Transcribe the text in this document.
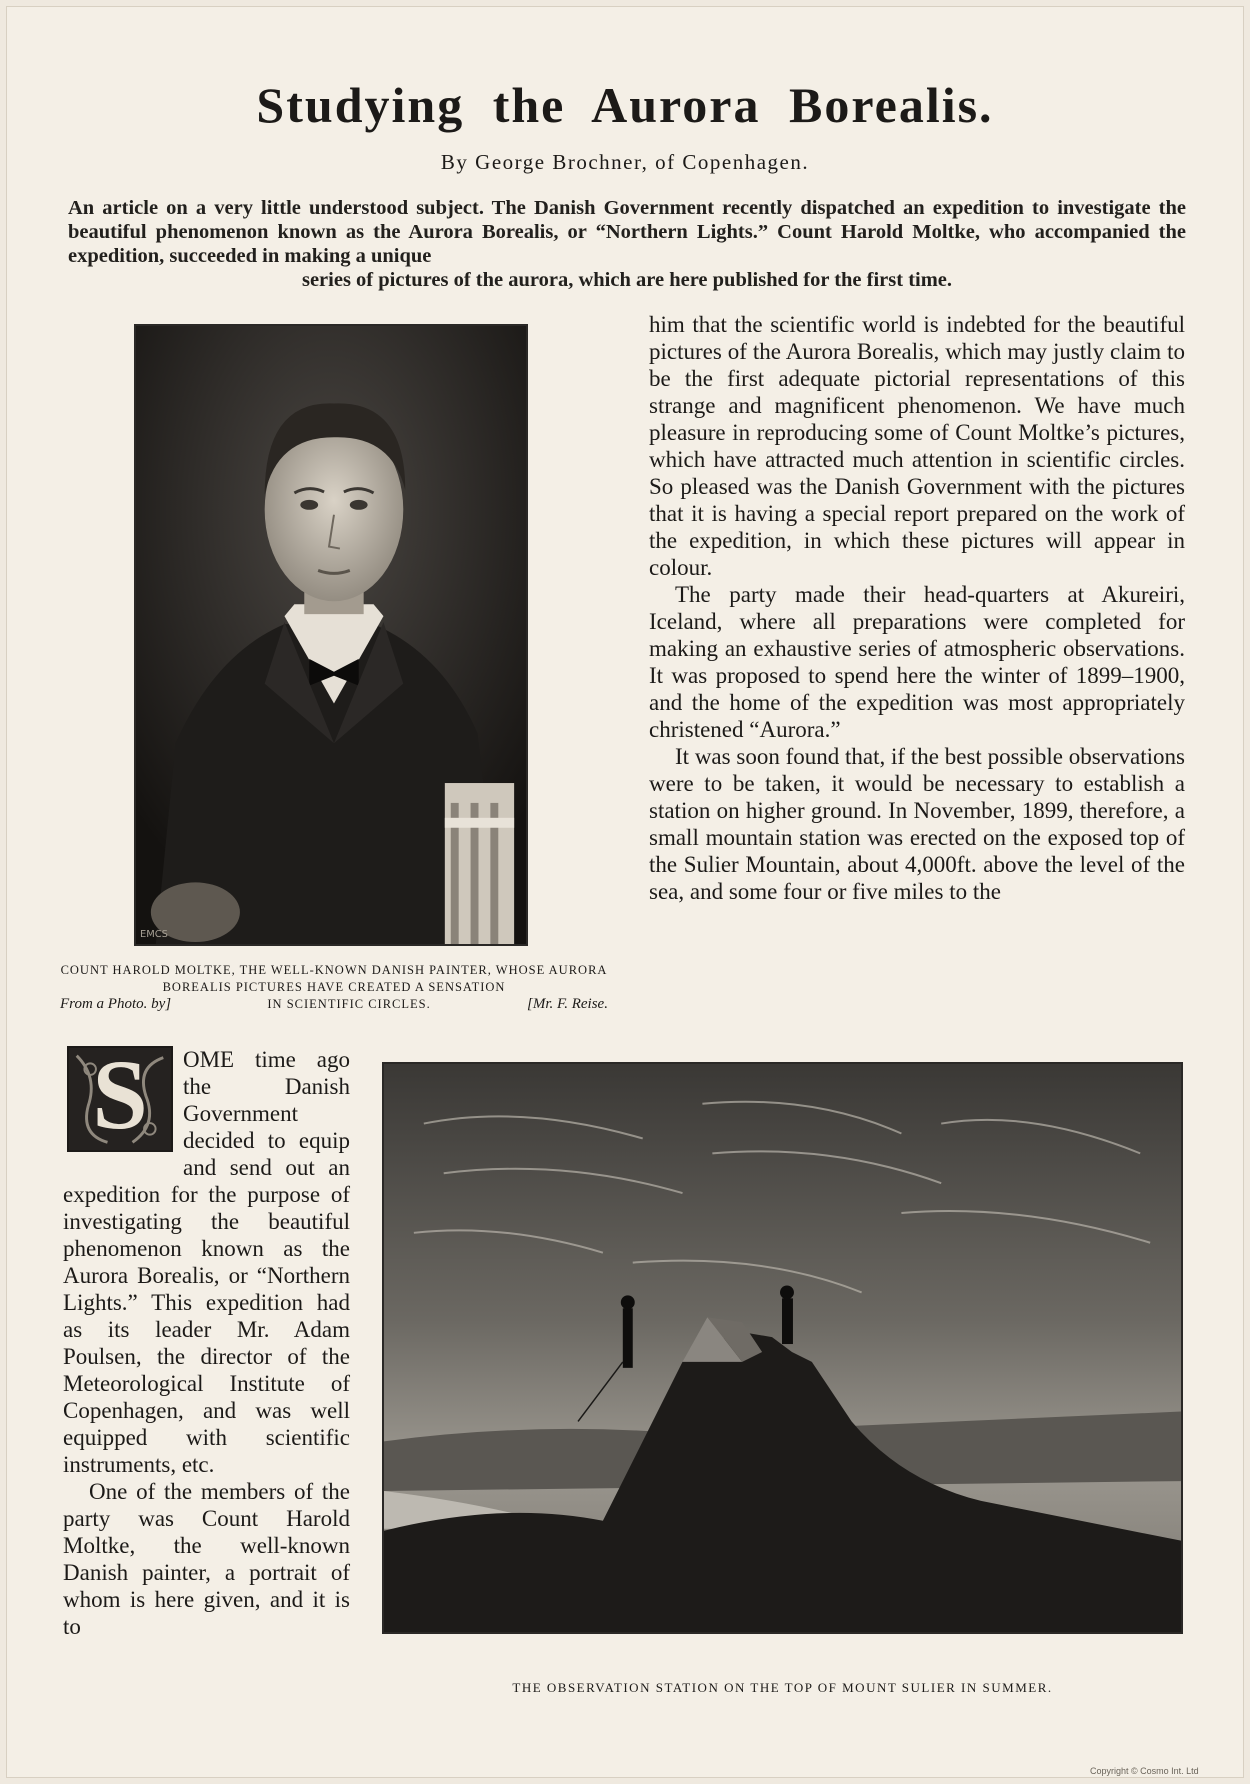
Studying the Aurora Borealis.
By George Brochner, of Copenhagen.
An article on a very little understood subject. The Danish Government recently dispatched an expedition to investigate the beautiful phenomenon known as the Aurora Borealis, or “Northern Lights.” Count Harold Moltke, who accompanied the expedition, succeeded in making a unique
series of pictures of the aurora, which are here published for the first time.
EMCS
COUNT HAROLD MOLTKE, THE WELL-KNOWN DANISH PAINTER, WHOSE AURORA BOREALIS PICTURES HAVE CREATED A SENSATION
From a Photo. by]	IN SCIENTIFIC CIRCLES.	[Mr. F. Reise.

him that the scientific world is indebted for the beautiful pictures of the Aurora Borealis, which may justly claim to be the first adequate pictorial representations of this strange and magnificent phenomenon. We have much pleasure in reproducing some of Count Moltke’s pictures, which have attracted much attention in scientific circles. So pleased was the Danish Government with the pictures that it is having a special report prepared on the work of the expedition, in which these pictures will appear in colour.

The party made their head-quarters at Akureiri, Iceland, where all preparations were completed for making an exhaustive series of atmospheric observations. It was proposed to spend here the winter of 1899–1900, and the home of the expedition was most appropriately christened “Aurora.”

It was soon found that, if the best possible observations were to be taken, it would be necessary to establish a station on higher ground. In November, 1899, therefore, a small mountain station was erected on the exposed top of the Sulier Mountain, about 4,000ft. above the level of the sea, and some four or five miles to the

S	OME time ago the Danish Government decided to equip and send out an expedition for the purpose of investigating the beautiful phenomenon known as the Aurora Borealis, or “Northern Lights.” This expedition had as its leader Mr. Adam Poulsen, the director of the Meteorological Institute of Copenhagen, and was well equipped with scientific instruments, etc.

One of the members of the party was Count Harold Moltke, the well-known Danish painter, a portrait of whom is here given, and it is to

THE OBSERVATION STATION ON THE TOP OF MOUNT SULIER IN SUMMER.
Copyright © Cosmo Int. Ltd
